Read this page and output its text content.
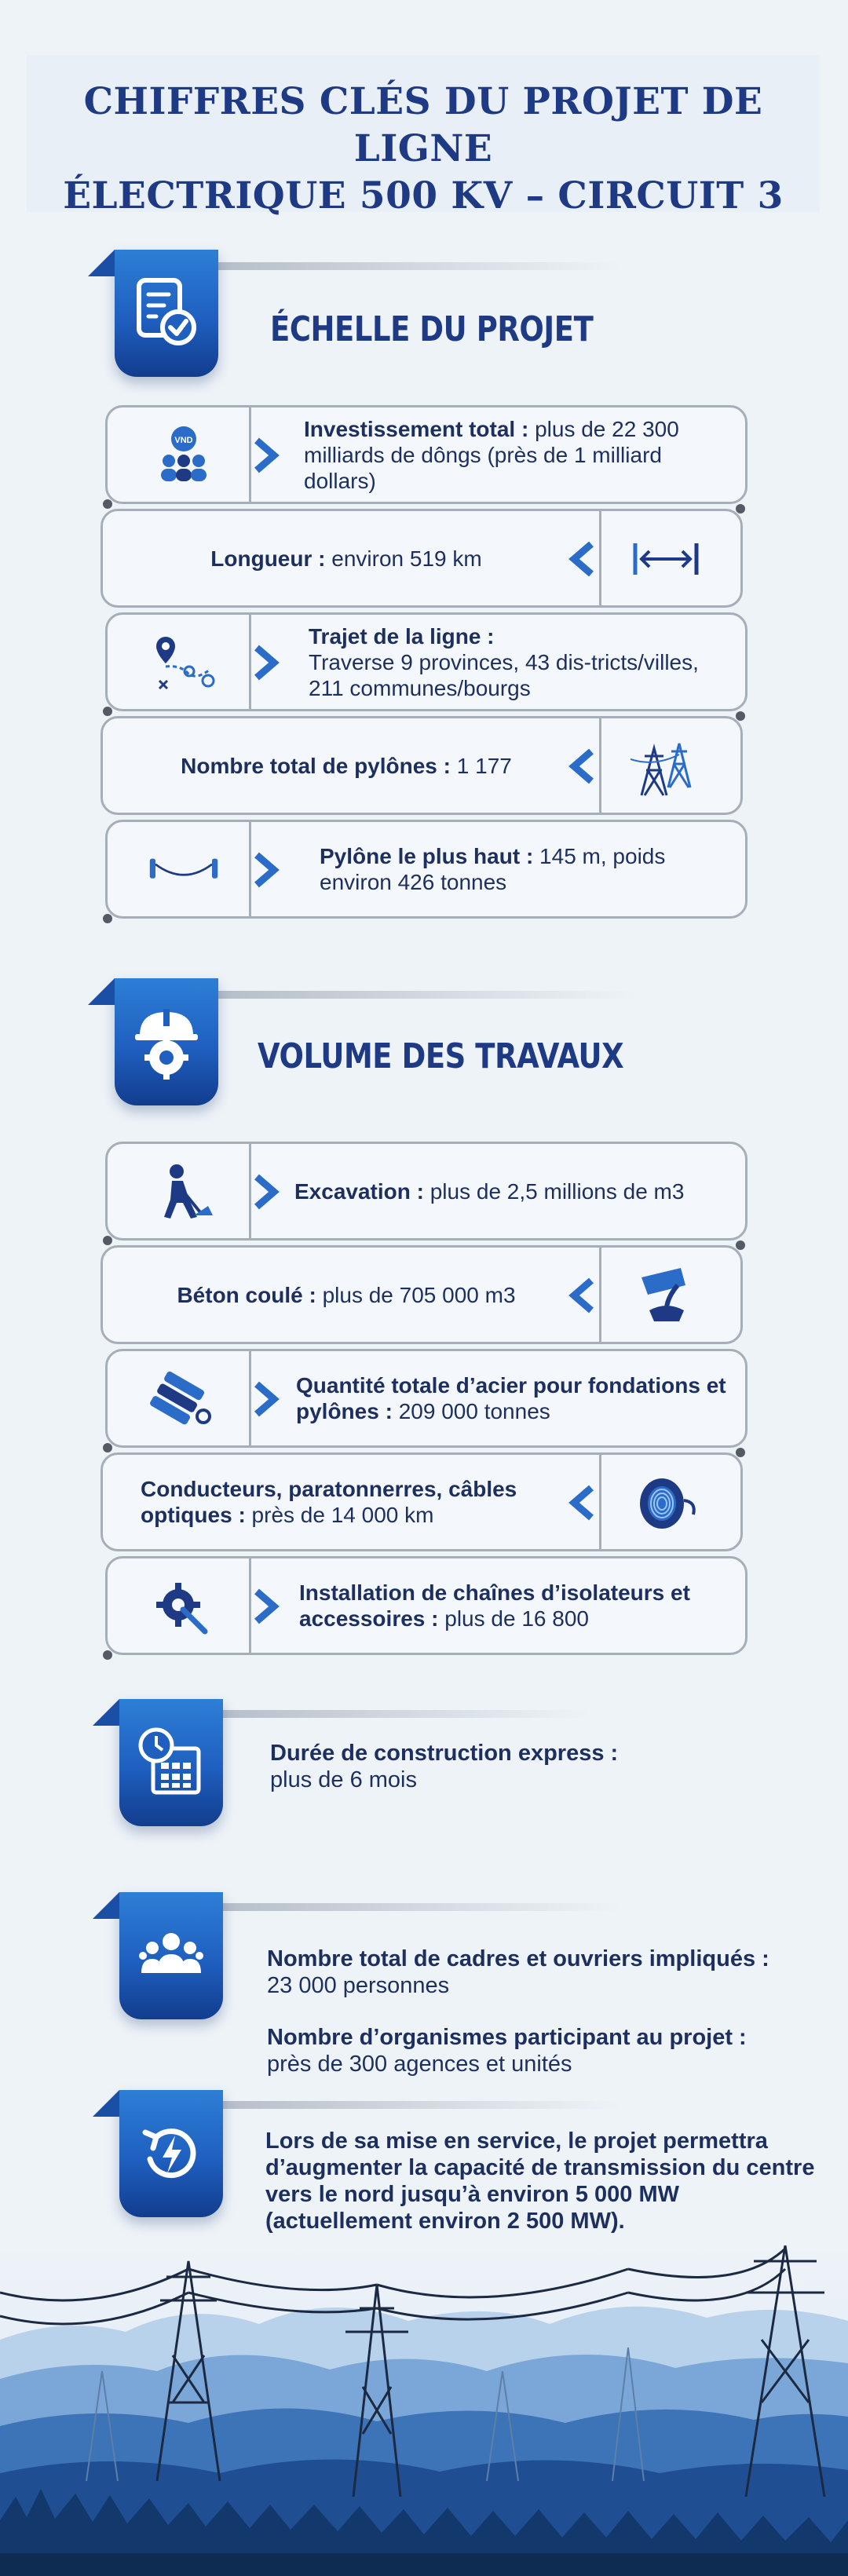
CHIFFRES CLÉS DU PROJET DE LIGNE
ÉLECTRIQUE 500 KV – CIRCUIT 3
ÉCHELLE DU PROJET
VND	Investissement total : plus de 22 300 milliards de dôngs (près de 1 milliard dollars)
Longueur : environ 519 km
Trajet de la ligne :
Traverse 9 provinces, 43 dis-tricts/villes, 211 communes/bourgs
Nombre total de pylônes : 1 177
Pylône le plus haut : 145 m, poids environ 426 tonnes
VOLUME DES TRAVAUX
Excavation : plus de 2,5 millions de m3
Béton coulé : plus de 705 000 m3
Quantité totale d’acier pour fondations et pylônes : 209 000 tonnes
Conducteurs, paratonnerres, câbles optiques : près de 14 000 km
Installation de chaînes d’isolateurs et accessoires : plus de 16 800
Durée de construction express :
plus de 6 mois
Nombre total de cadres et ouvriers impliqués :
23 000 personnes
Nombre d’organismes participant au projet :
près de 300 agences et unités
Lors de sa mise en service, le projet permettra d’augmenter la capacité de transmission du centre vers le nord jusqu’à environ 5 000 MW (actuellement environ 2 500 MW).
